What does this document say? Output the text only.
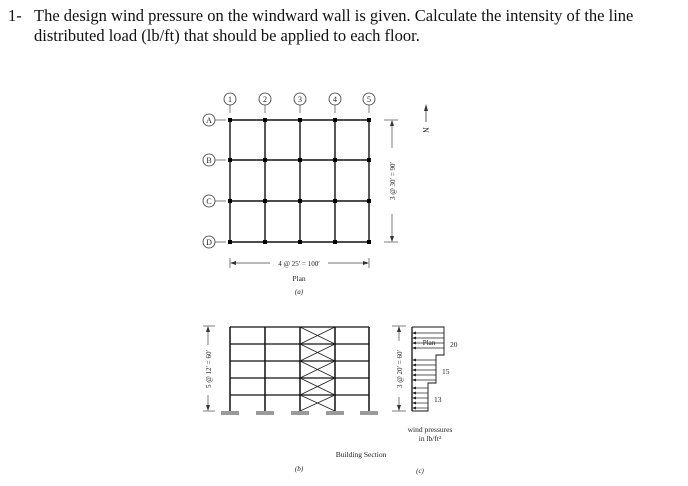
1- The design wind pressure on the windward wall is given. Calculate the intensity of the line distributed load (lb/ft) that should be applied to each floor.
1	2	3	4	5
A
B
C
D
4 @ 25′ = 100′
3 @ 30′ = 90′
N
Plan
(a)
5 @ 12′ = 60′
Building Section
(b)
3 @ 20′ = 60′
Plan 20
15
13
wind pressures
in lb/ft²
(c)
